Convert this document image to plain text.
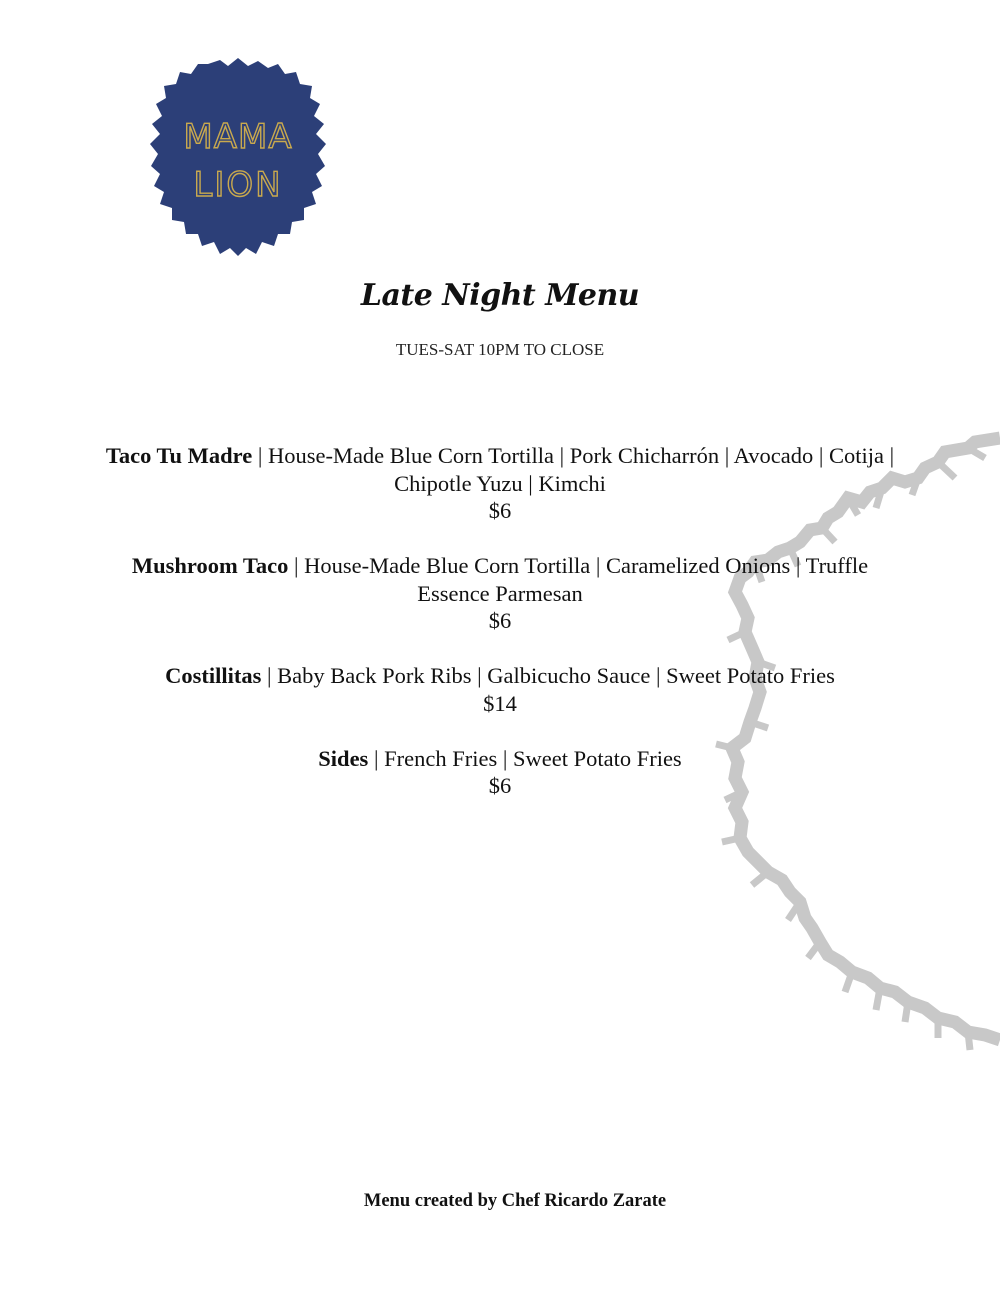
MAMA
LION
Late Night Menu
TUES-SAT 10PM TO CLOSE
Taco Tu Madre | House-Made Blue Corn Tortilla | Pork Chicharrón | Avocado | Cotija | Chipotle Yuzu | Kimchi
$6
Mushroom Taco | House-Made Blue Corn Tortilla | Caramelized Onions | Truffle Essence Parmesan
$6
Costillitas | Baby Back Pork Ribs | Galbicucho Sauce | Sweet Potato Fries
$14
Sides | French Fries | Sweet Potato Fries
$6
Menu created by Chef Ricardo Zarate
